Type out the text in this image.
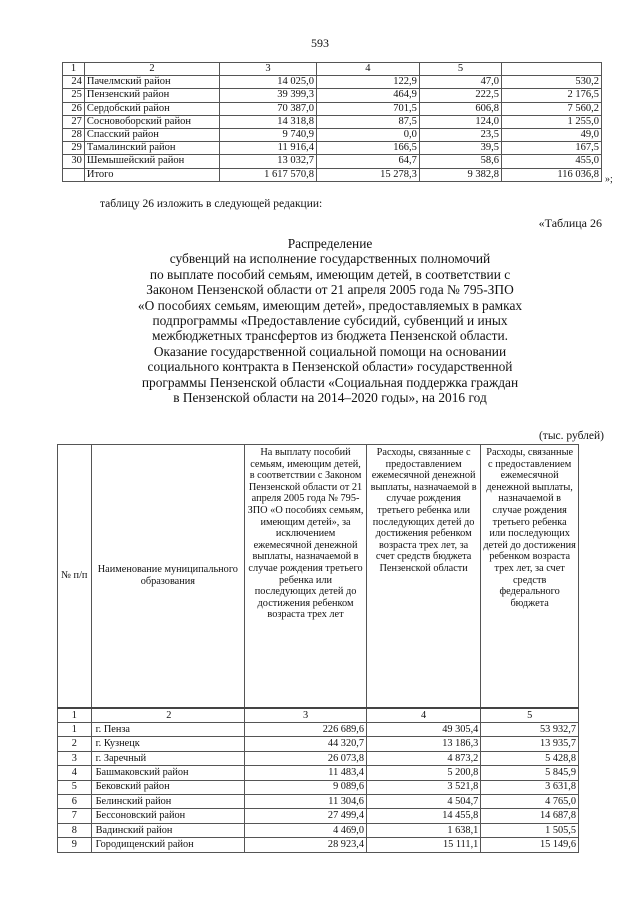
593
1	2	3	4	5	
24	Пачелмский район	14 025,0	122,9	47,0	530,2
25	Пензенский район	39 399,3	464,9	222,5	2 176,5
26	Сердобский район	70 387,0	701,5	606,8	7 560,2
27	Сосновоборский район	14 318,8	87,5	124,0	1 255,0
28	Спасский район	9 740,9	0,0	23,5	49,0
29	Тамалинский район	11 916,4	166,5	39,5	167,5
30	Шемышейский район	13 032,7	64,7	58,6	455,0
	Итого	1 617 570,8	15 278,3	9 382,8	116 036,8 »;
таблицу 26 изложить в следующей редакции:
«Таблица 26
Распределение
субвенций на исполнение государственных полномочий
по выплате пособий семьям, имеющим детей, в соответствии с
Законом Пензенской области от 21 апреля 2005 года № 795-ЗПО
«О пособиях семьям, имеющим детей», предоставляемых в рамках
подпрограммы «Предоставление субсидий, субвенций и иных
межбюджетных трансфертов из бюджета Пензенской области.
Оказание государственной социальной помощи на основании
социального контракта в Пензенской области» государственной
программы Пензенской области «Социальная поддержка граждан
в Пензенской области на 2014–2020 годы», на 2016 год
(тыс. рублей)
№ п/п	Наименование муниципального образования	На выплату пособий семьям, имеющим детей, в соответствии с Законом Пензенской области от 21 апреля 2005 года № 795-ЗПО «О пособиях семьям, имеющим детей», за исключением ежемесячной денежной выплаты, назначаемой в случае рождения третьего ребенка или последующих детей до достижения ребенком возраста трех лет	Расходы, связанные с предоставлением ежемесячной денежной выплаты, назначаемой в случае рождения третьего ребенка или последующих детей до достижения ребенком возраста трех лет, за счет средств бюджета Пензенской области	Расходы, связанные с предоставлением ежемесячной денежной выплаты, назначаемой в случае рождения третьего ребенка или последующих детей до достижения ребенком возраста трех лет, за счет средств федерального бюджета
1	2	3	4	5
1	г. Пенза	226 689,6	49 305,4	53 932,7
2	г. Кузнецк	44 320,7	13 186,3	13 935,7
3	г. Заречный	26 073,8	4 873,2	5 428,8
4	Башмаковский район	11 483,4	5 200,8	5 845,9
5	Бековский район	9 089,6	3 521,8	3 631,8
6	Белинский район	11 304,6	4 504,7	4 765,0
7	Бессоновский район	27 499,4	14 455,8	14 687,8
8	Вадинский район	4 469,0	1 638,1	1 505,5
9	Городищенский район	28 923,4	15 111,1	15 149,6
